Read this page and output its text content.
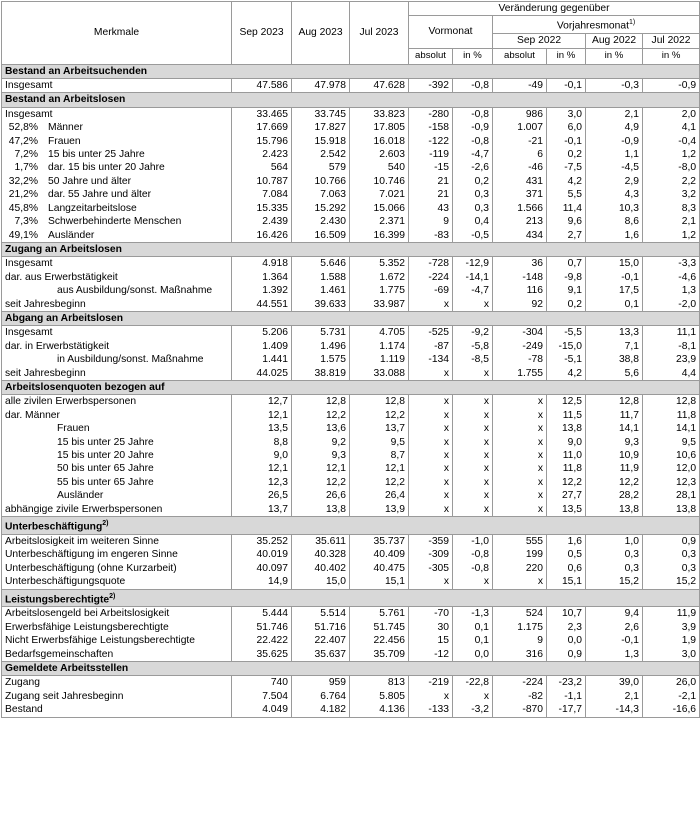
Merkmale	Sep 2023	Aug 2023	Jul 2023	Veränderung gegenüber					
				Vormonat		Vorjahresmonat$^{1)}$
						Sep 2022		Aug 2022	Jul 2022
				absolut	in %	absolut	in %	in %	in %
Bestand an Arbeitsuchenden									
Insgesamt	47.586	47.978	47.628	-392	-0,8	-49	-0,1	-0,3	-0,9
Bestand an Arbeitslosen									
Insgesamt	33.465	33.745	33.823	-280	-0,8	986	3,0	2,1	2,0
52,8% Männer	17.669	17.827	17.805	-158	-0,9	1.007	6,0	4,9	4,1
47,2% Frauen	15.796	15.918	16.018	-122	-0,8	-21	-0,1	-0,9	-0,4
7,2% 15 bis unter 25 Jahre	2.423	2.542	2.603	-119	-4,7	6	0,2	1,1	1,2
1,7% dar. 15 bis unter 20 Jahre	564	579	540	-15	-2,6	-46	-7,5	-4,5	-8,0
32,2% 50 Jahre und älter	10.787	10.766	10.746	21	0,2	431	4,2	2,9	2,2
21,2% dar. 55 Jahre und älter	7.084	7.063	7.021	21	0,3	371	5,5	4,3	3,2
45,8% Langzeitarbeitslose	15.335	15.292	15.066	43	0,3	1.566	11,4	10,3	8,3
7,3% Schwerbehinderte Menschen	2.439	2.430	2.371	9	0,4	213	9,6	8,6	2,1
49,1% Ausländer	16.426	16.509	16.399	-83	-0,5	434	2,7	1,6	1,2
Zugang an Arbeitslosen									
Insgesamt	4.918	5.646	5.352	-728	-12,9	36	0,7	15,0	-3,3
dar. aus Erwerbstätigkeit	1.364	1.588	1.672	-224	-14,1	-148	-9,8	-0,1	-4,6
aus Ausbildung/sonst. Maßnahme	1.392	1.461	1.775	-69	-4,7	116	9,1	17,5	1,3
seit Jahresbeginn	44.551	39.633	33.987	x	x	92	0,2	0,1	-2,0
Abgang an Arbeitslosen									
Insgesamt	5.206	5.731	4.705	-525	-9,2	-304	-5,5	13,3	11,1
dar. in Erwerbstätigkeit	1.409	1.496	1.174	-87	-5,8	-249	-15,0	7,1	-8,1
in Ausbildung/sonst. Maßnahme	1.441	1.575	1.119	-134	-8,5	-78	-5,1	38,8	23,9
seit Jahresbeginn	44.025	38.819	33.088	x	x	1.755	4,2	5,6	4,4
Arbeitslosenquoten bezogen auf									
alle zivilen Erwerbspersonen	12,7	12,8	12,8	x	x	x	12,5	12,8	12,8
dar. Männer	12,1	12,2	12,2	x	x	x	11,5	11,7	11,8
Frauen	13,5	13,6	13,7	x	x	x	13,8	14,1	14,1
15 bis unter 25 Jahre	8,8	9,2	9,5	x	x	x	9,0	9,3	9,5
15 bis unter 20 Jahre	9,0	9,3	8,7	x	x	x	11,0	10,9	10,6
50 bis unter 65 Jahre	12,1	12,1	12,1	x	x	x	11,8	11,9	12,0
55 bis unter 65 Jahre	12,3	12,2	12,2	x	x	x	12,2	12,2	12,3
Ausländer	26,5	26,6	26,4	x	x	x	27,7	28,2	28,1
abhängige zivile Erwerbspersonen	13,7	13,8	13,9	x	x	x	13,5	13,8	13,8
Unterbeschäftigung$^{2)}$
Arbeitslosigkeit im weiteren Sinne	35.252	35.611	35.737	-359	-1,0	555	1,6	1,0	0,9
Unterbeschäftigung im engeren Sinne	40.019	40.328	40.409	-309	-0,8	199	0,5	0,3	0,3
Unterbeschäftigung (ohne Kurzarbeit)	40.097	40.402	40.475	-305	-0,8	220	0,6	0,3	0,3
Unterbeschäftigungsquote	14,9	15,0	15,1	x	x	x	15,1	15,2	15,2
Leistungsberechtigte$^{2)}$
Arbeitslosengeld bei Arbeitslosigkeit	5.444	5.514	5.761	-70	-1,3	524	10,7	9,4	11,9
Erwerbsfähige Leistungsberechtigte	51.746	51.716	51.745	30	0,1	1.175	2,3	2,6	3,9
Nicht Erwerbsfähige Leistungsberechtigte	22.422	22.407	22.456	15	0,1	9	0,0	-0,1	1,9
Bedarfsgemeinschaften	35.625	35.637	35.709	-12	0,0	316	0,9	1,3	3,0
Gemeldete Arbeitsstellen									
Zugang	740	959	813	-219	-22,8	-224	-23,2	39,0	26,0
Zugang seit Jahresbeginn	7.504	6.764	5.805	x	x	-82	-1,1	2,1	-2,1
Bestand	4.049	4.182	4.136	-133	-3,2	-870	-17,7	-14,3	-16,6
